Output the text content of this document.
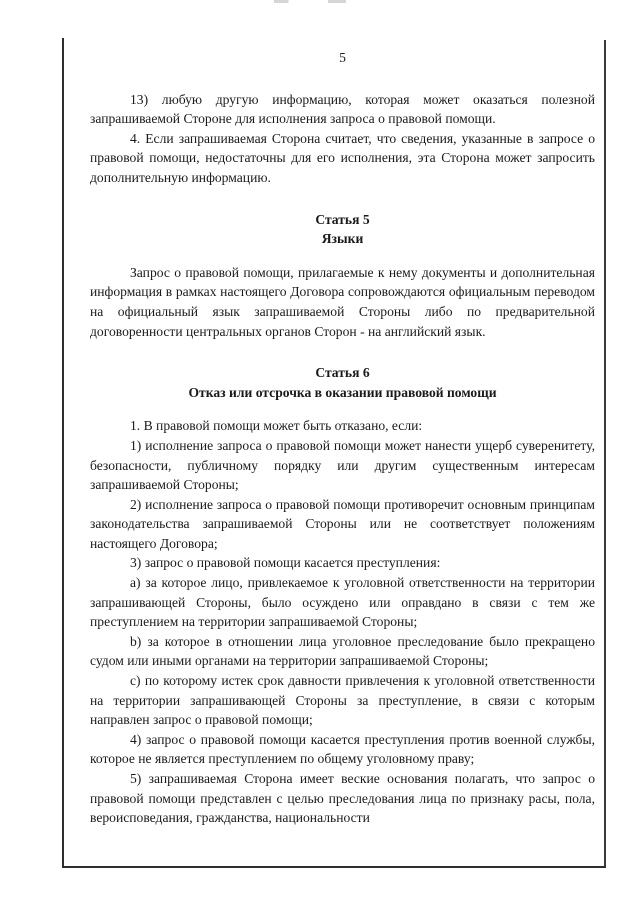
5

13) любую другую информацию, которая может оказаться полезной запрашиваемой Стороне для исполнения запроса о правовой помощи.

4. Если запрашиваемая Сторона считает, что сведения, указанные в запросе о правовой помощи, недостаточны для его исполнения, эта Сторона может запросить дополнительную информацию.

Статья 5
Языки

Запрос о правовой помощи, прилагаемые к нему документы и дополнительная информация в рамках настоящего Договора сопровождаются официальным переводом на официальный язык запрашиваемой Стороны либо по предварительной договоренности центральных органов Сторон - на английский язык.

Статья 6
Отказ или отсрочка в оказании правовой помощи

1. В правовой помощи может быть отказано, если:

1) исполнение запроса о правовой помощи может нанести ущерб суверенитету, безопасности, публичному порядку или другим существенным интересам запрашиваемой Стороны;

2) исполнение запроса о правовой помощи противоречит основным принципам законодательства запрашиваемой Стороны или не соответствует положениям настоящего Договора;

3) запрос о правовой помощи касается преступления:

а) за которое лицо, привлекаемое к уголовной ответственности на территории запрашивающей Стороны, было осуждено или оправдано в связи с тем же преступлением на территории запрашиваемой Стороны;

b) за которое в отношении лица уголовное преследование было прекращено судом или иными органами на территории запрашиваемой Стороны;

с) по которому истек срок давности привлечения к уголовной ответственности на территории запрашивающей Стороны за преступление, в связи с которым направлен запрос о правовой помощи;

4) запрос о правовой помощи касается преступления против военной службы, которое не является преступлением по общему уголовному праву;

5) запрашиваемая Сторона имеет веские основания полагать, что запрос о правовой помощи представлен с целью преследования лица по признаку расы, пола, вероисповедания, гражданства, национальности
